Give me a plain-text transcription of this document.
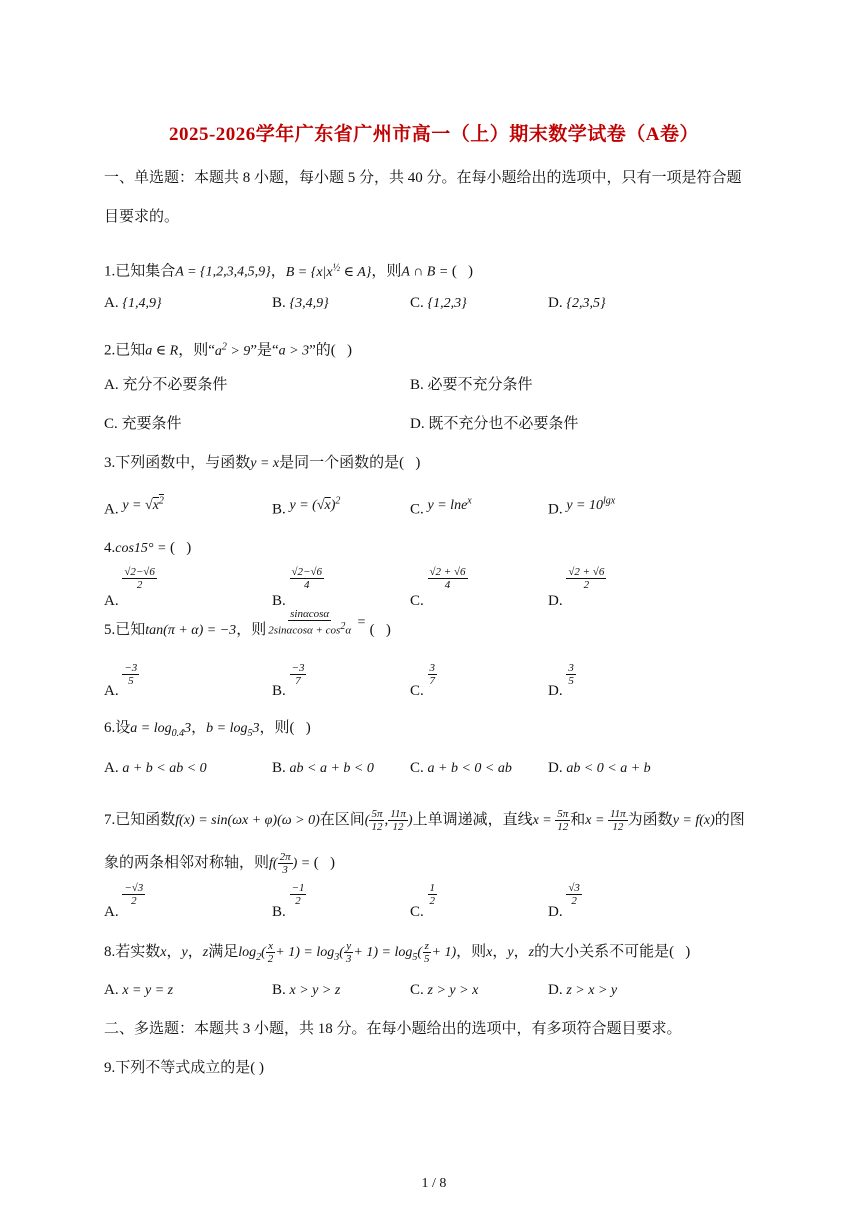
2025-2026学年广东省广州市高一（上）期末数学试卷（A卷）
一、单选题：本题共 8 小题，每小题 5 分，共 40 分。在每小题给出的选项中，只有一项是符合题
目要求的。
1.已知集合A = {1,2,3,4,5,9}，$B = \{x|x^{\frac{1}{2}}$ ∈ A}，则A ∩ B = (   )
A. {1,4,9}	B. {3,4,9}	C. {1,2,3}	D. {2,3,5}
2.已知a ∈ R，则“$a^2 > 9$”是“a > 3”的(   )
A. 充分不必要条件	B. 必要不充分条件
C. 充要条件	D. 既不充分也不必要条件
3.下列函数中，与函数y = x是同一个函数的是(   )
A. $y = √x^2$
B. $y = (√x)^2$
C. y = lne$^x$
D. $y = 10^{lgx}$
4.cos15° = (   )
A.
$\frac{√2-√6}{2}$
B.
$\frac{√2-√6}{4}$
C.
$\frac{√2 + √6}{4}$
D.
$\frac{√2 + √6}{2}$
5.已知tan(π + α) = −3，则 $\frac{\sin\alpha\cos\alpha}{2\sin\alpha\cos\alpha + \cos^2\alpha}$ = (   )
A.
$\frac{-3}{5}$
B.
$\frac{-3}{7}$
C.
$\frac{3}{7}$
D.
$\frac{3}{5}$
6.设$a = \log_{0.4}3$，$b = \log_53$，则(   )
A. a + b < ab < 0	B. ab < a + b < 0 C. a + b < 0 < ab D. ab < 0 < a + b
7.已知函数f(x) = sin(ωx + φ)(ω > 0)在区间( $\frac{5\pi}{12}$ , $\frac{11\pi}{12}$ )上单调递减，直线$x = \frac{5\pi}{12}$ 和$x = \frac{11\pi}{12}$ 为函数y = f(x)的图
象的两条相邻对称轴，则$f( \frac{2\pi}{3}$ ) = (   )
A.
$\frac{-√3}{2}$
B.
$\frac{-1}{2}$
C.
$\frac{1}{2}$
D.
$\frac{√3}{2}$
8.若实数x，y，z满足$\log_2( \frac{x}{2} + 1) = \log_3( \frac{y}{3} + 1) = \log_5( \frac{z}{5} + 1)$，则x，y，z的大小关系不可能是(   )
A. x = y = z	B. x > y > z	C. z > y > x	D. z > x > y
二、多选题：本题共 3 小题，共 18 分。在每小题给出的选项中，有多项符合题目要求。
9.下列不等式成立的是( )
1 / 8
